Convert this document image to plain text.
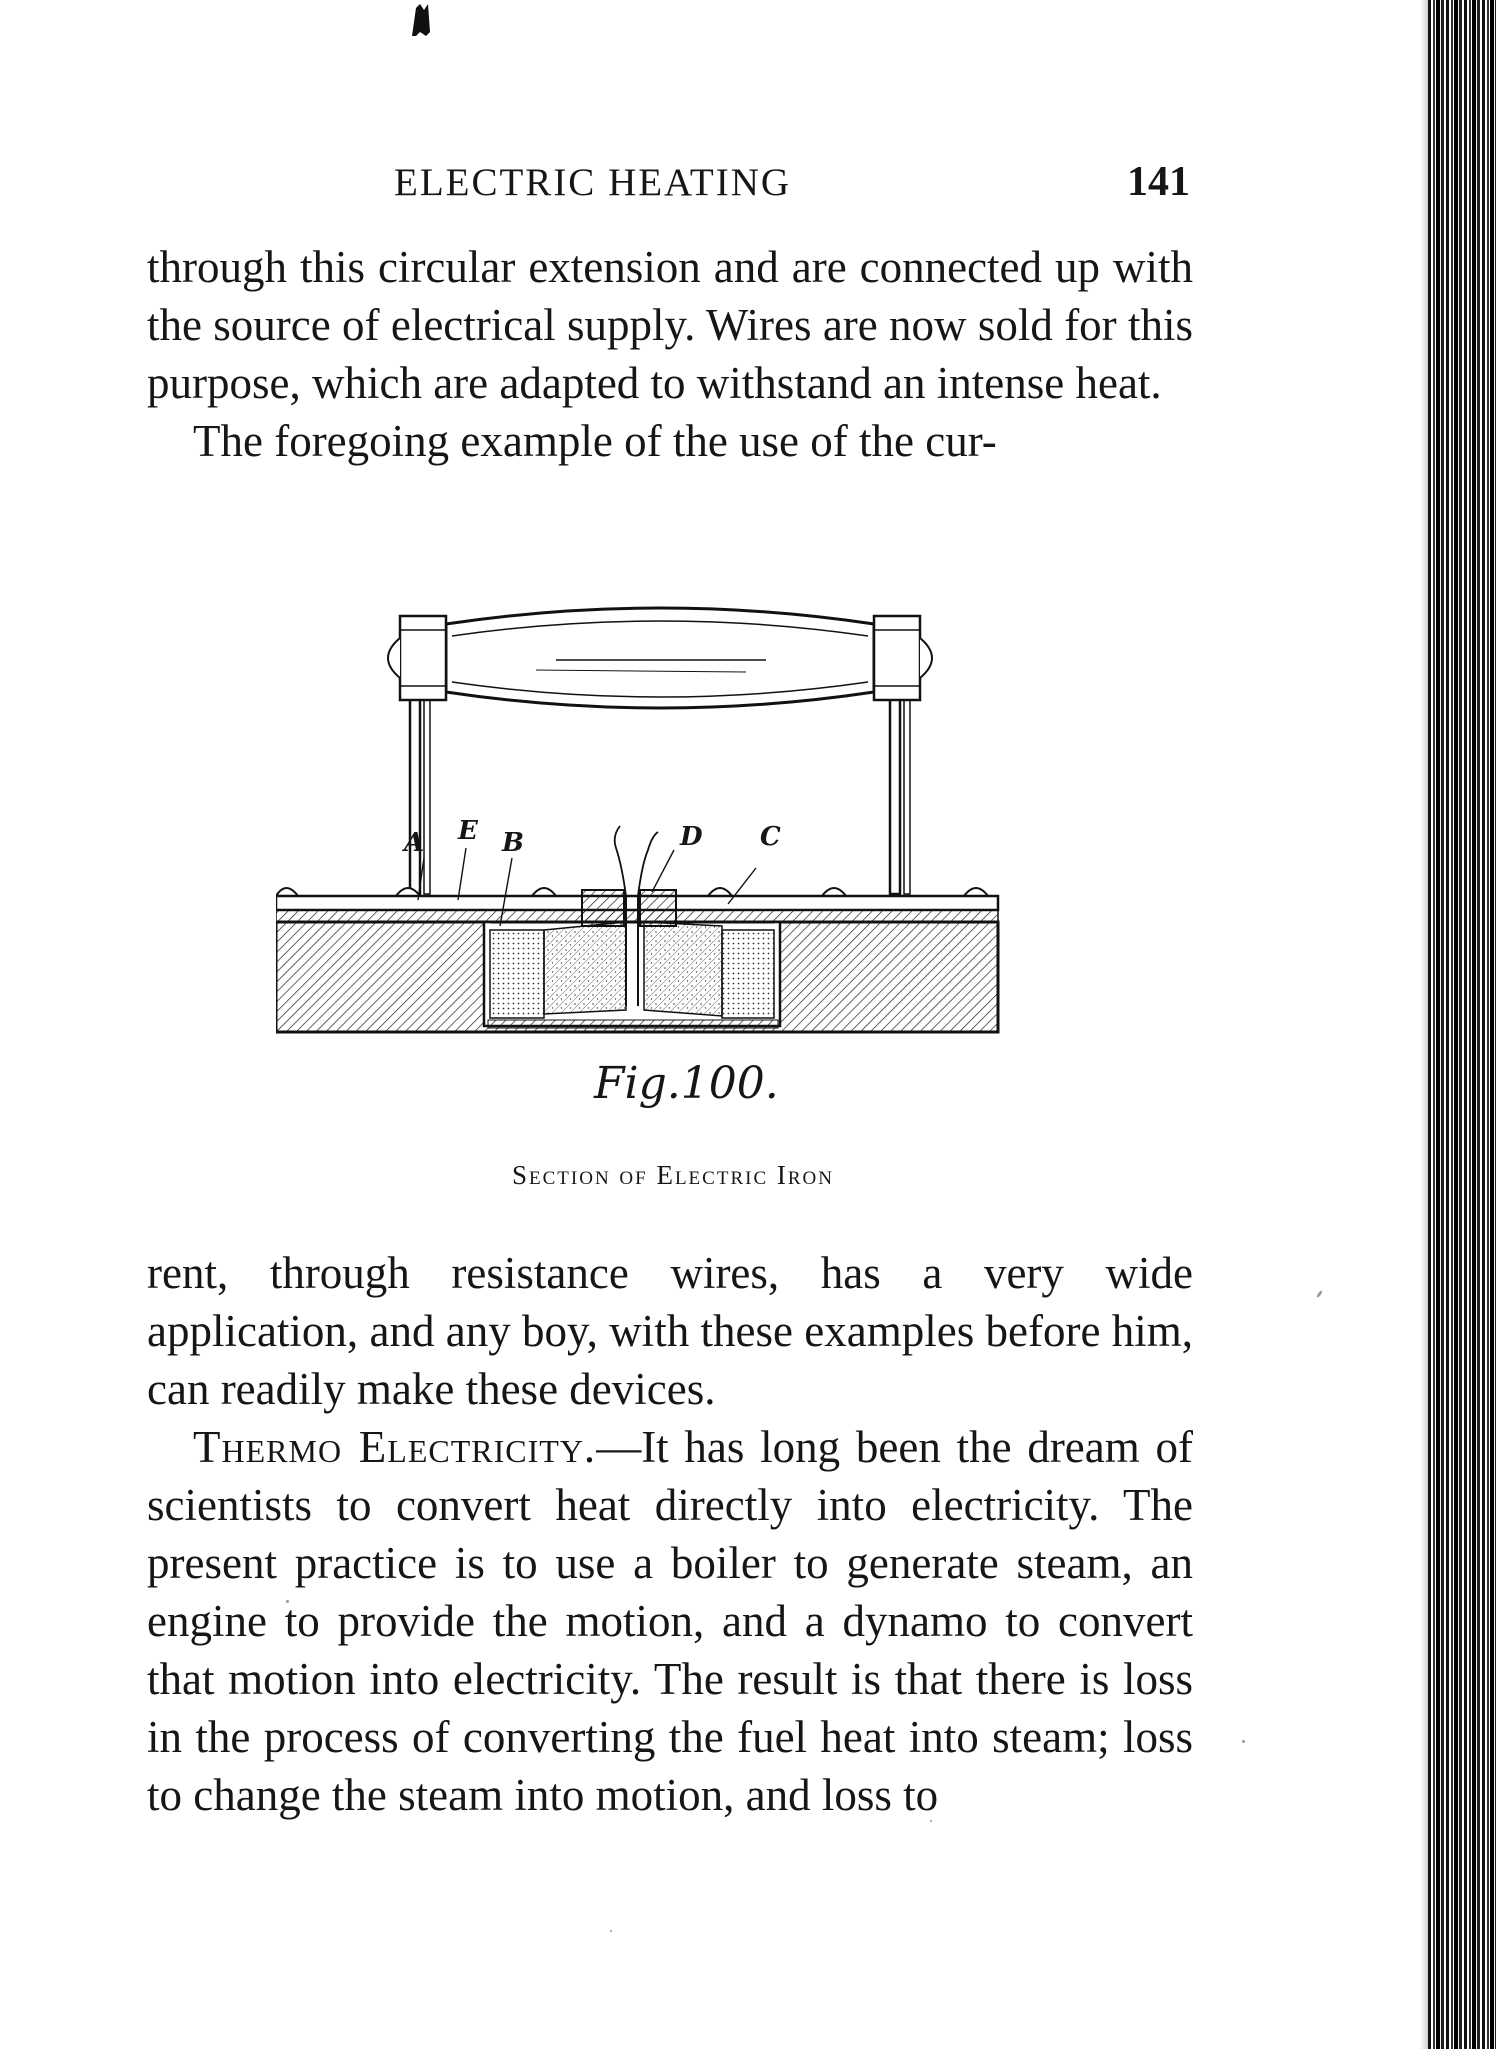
ELECTRIC HEATING	141

through this circular extension and are connected up with the source of electrical supply. Wires are now sold for this purpose, which are adapted to withstand an intense heat.

The foregoing example of the use of the cur-

A E B	D C
Fig.100.
Section of Electric Iron

rent, through resistance wires, has a very wide application, and any boy, with these examples before him, can readily make these devices.

Thermo Electricity.—It has long been the dream of scientists to convert heat directly into electricity. The present practice is to use a boiler to generate steam, an engine to provide the motion, and a dynamo to convert that motion into electricity. The result is that there is loss in the process of converting the fuel heat into steam; loss to change the steam into motion, and loss to
